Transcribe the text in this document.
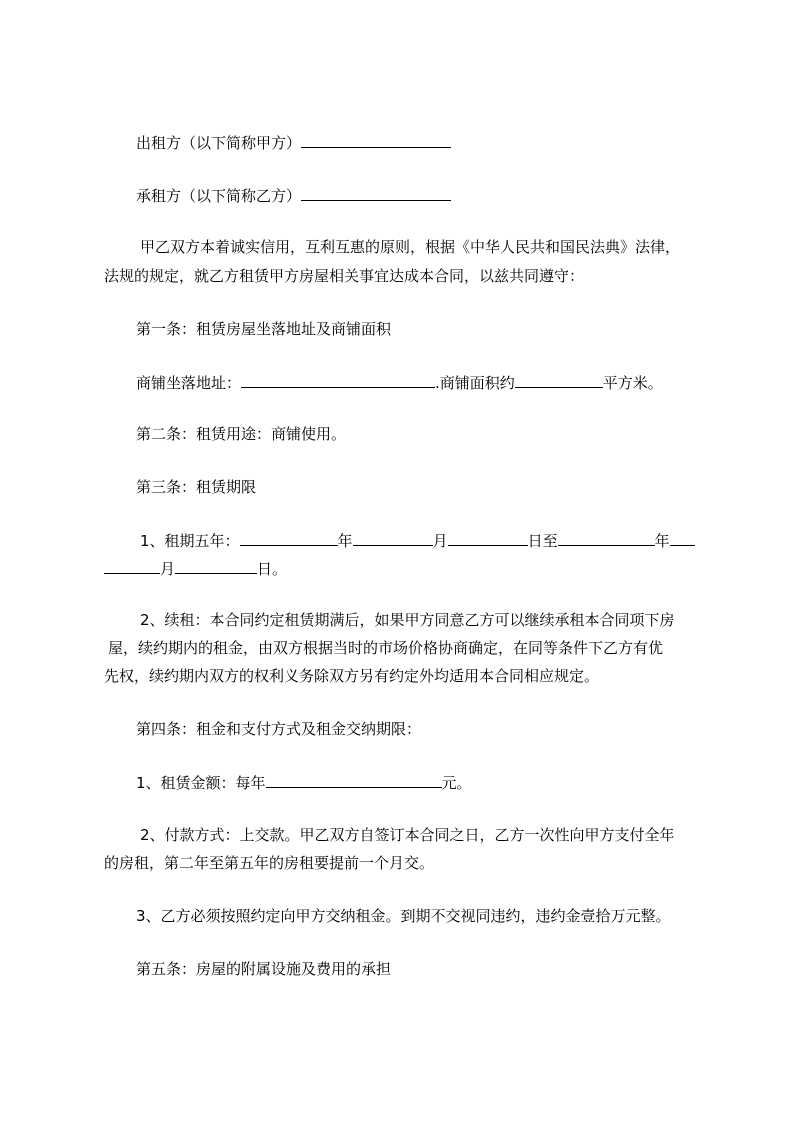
出租方（以下简称甲方）
承租方（以下简称乙方）
甲乙双方本着诚实信用，互利互惠的原则，根据《中华人民共和国民法典》法律，
法规的规定，就乙方租赁甲方房屋相关事宜达成本合同，以兹共同遵守：
第一条：租赁房屋坐落地址及商铺面积
商铺坐落地址：	.商铺面积约	平方米。
第二条：租赁用途：商铺使用。
第三条：租赁期限
1、租期五年：	年	月	日至	年
月	日。
2、续租：本合同约定租赁期满后，如果甲方同意乙方可以继续承租本合同项下房
屋，续约期内的租金，由双方根据当时的市场价格协商确定，在同等条件下乙方有优
先权，续约期内双方的权利义务除双方另有约定外均适用本合同相应规定。
第四条：租金和支付方式及租金交纳期限：
1、租赁金额：每年	元。
2、付款方式：上交款。甲乙双方自签订本合同之日，乙方一次性向甲方支付全年
的房租，第二年至第五年的房租要提前一个月交。
3、乙方必须按照约定向甲方交纳租金。到期不交视同违约，违约金壹拾万元整。
第五条：房屋的附属设施及费用的承担
